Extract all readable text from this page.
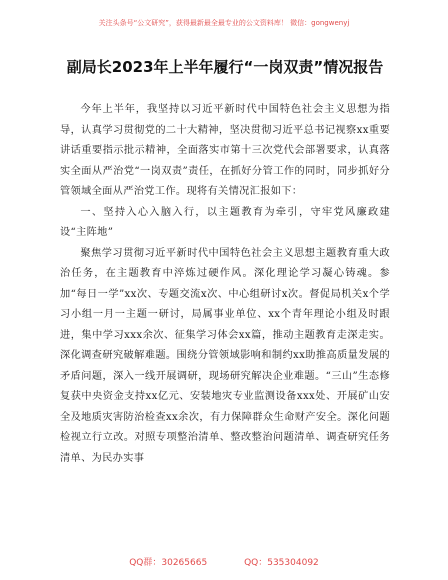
关注头条号“公文研究”，获得最新最全最专业的公文资料库！ 微信：gongwenyj
副局长2023年上半年履行“一岗双责”情况报告

今年上半年，我坚持以习近平新时代中国特色社会主义思想为指导，认真学习贯彻党的二十大精神，坚决贯彻习近平总书记视察xx重要讲话重要指示批示精神，全面落实市第十三次党代会部署要求，认真落实全面从严治党“一岗双责”责任，在抓好分管工作的同时，同步抓好分管领域全面从严治党工作。现将有关情况汇报如下：

一、坚持入心入脑入行，以主题教育为牵引，守牢党风廉政建设“主阵地”

聚焦学习贯彻习近平新时代中国特色社会主义思想主题教育重大政治任务，在主题教育中淬炼过硬作风。深化理论学习凝心铸魂。参加“每日一学”xx次、专题交流x次、中心组研讨x次。督促局机关x个学习小组一月一主题一研讨，局属事业单位、xx个青年理论小组及时跟进，集中学习xxx余次、征集学习体会xx篇，推动主题教育走深走实。深化调查研究破解难题。围绕分管领域影响和制约xx助推高质量发展的矛盾问题，深入一线开展调研，现场研究解决企业难题。“三山”生态修复获中央资金支持xx亿元、安装地灾专业监测设备xxx处、开展矿山安全及地质灾害防治检查xx余次，有力保障群众生命财产安全。深化问题检视立行立改。对照专项整治清单、整改整治问题清单、调查研究任务清单、为民办实事

QQ群：30265665	QQ：535304092
